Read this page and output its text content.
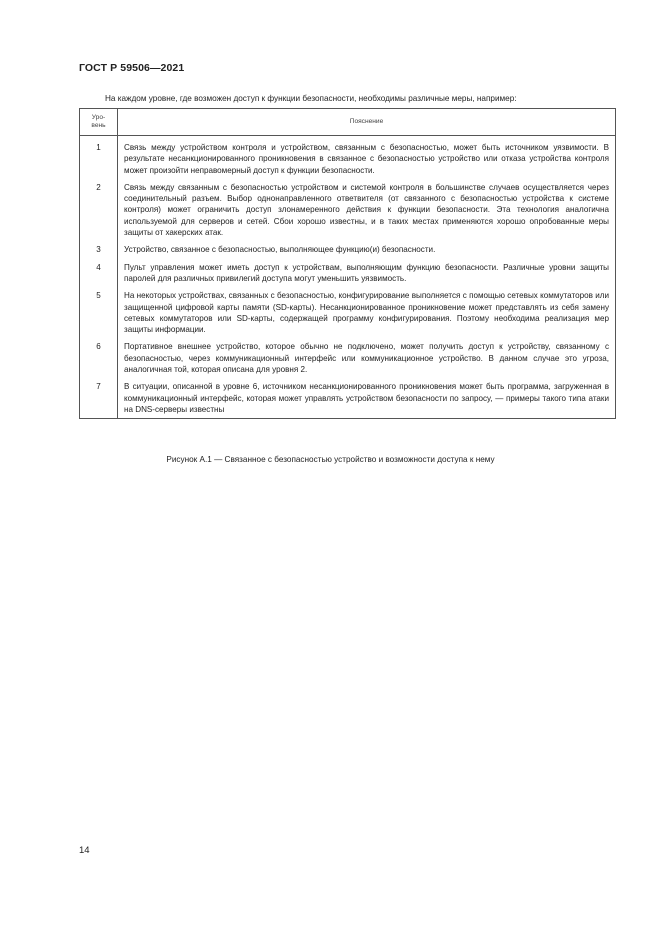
ГОСТ Р 59506—2021
На каждом уровне, где возможен доступ к функции безопасности, необходимы различные меры, например:
Уро-
вень	Пояснение
1	Связь между устройством контроля и устройством, связанным с безопасностью, может быть источником уязвимости. В результате несанкционированного проникновения в связанное с безопасностью устройство или отказа устройства контроля может произойти неправомерный доступ к функции безопасности.
2	Связь между связанным с безопасностью устройством и системой контроля в большинстве случаев осуществляется через соединительный разъем. Выбор однонаправленного ответвителя (от связанного с безопасностью устройства к системе контроля) может ограничить доступ злонамеренного действия к функции безопасности. Эта технология аналогична используемой для серверов и сетей. Сбои хорошо известны, и в таких местах применяются хорошо опробованные меры защиты от хакерских атак.
3	Устройство, связанное с безопасностью, выполняющее функцию(и) безопасности.
4	Пульт управления может иметь доступ к устройствам, выполняющим функцию безопасности. Различные уровни защиты паролей для различных привилегий доступа могут уменьшить уязвимость.
5	На некоторых устройствах, связанных с безопасностью, конфигурирование выполняется с помощью сетевых коммутаторов или защищенной цифровой карты памяти (SD-карты). Несанкционированное проникновение может представлять из себя замену сетевых коммутаторов или SD-карты, содержащей программу конфигурирования. Поэтому необходима реализация мер защиты информации.
6	Портативное внешнее устройство, которое обычно не подключено, может получить доступ к устройству, связанному с безопасностью, через коммуникационный интерфейс или коммуникационное устройство. В данном случае это угроза, аналогичная той, которая описана для уровня 2.
7	В ситуации, описанной в уровне 6, источником несанкционированного проникновения может быть программа, загруженная в коммуникационный интерфейс, которая может управлять устройством безопасности по запросу, — примеры такого типа атаки на DNS-серверы известны
Рисунок А.1 — Связанное с безопасностью устройство и возможности доступа к нему
14
